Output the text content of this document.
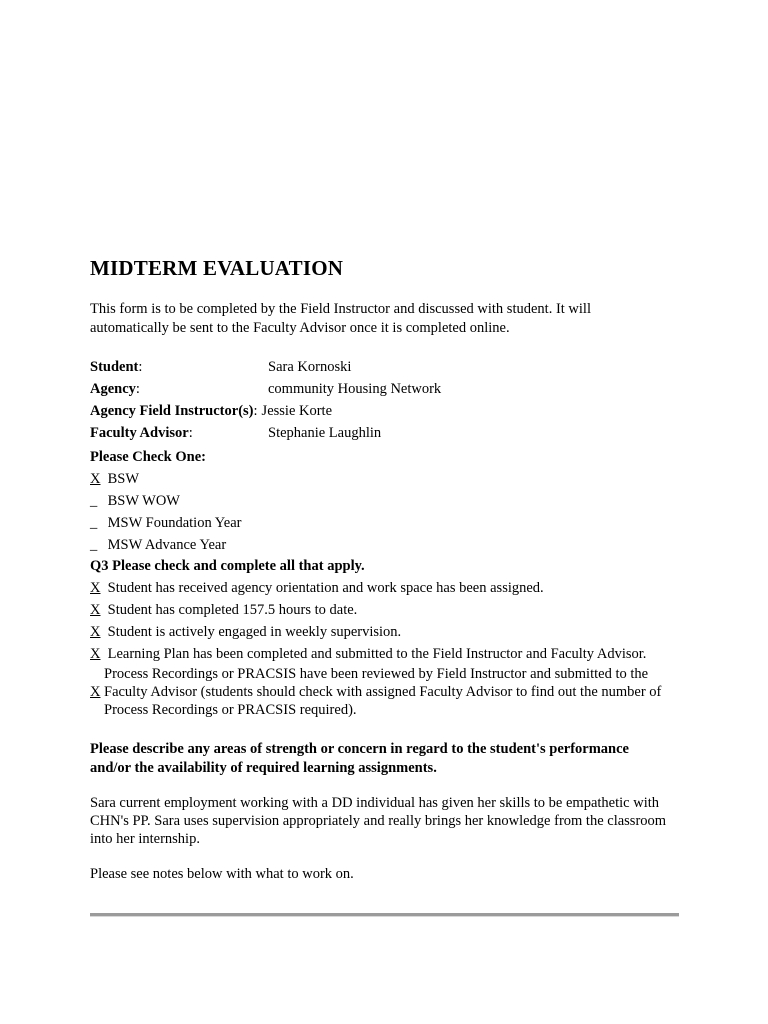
MIDTERM EVALUATION
This form is to be completed by the Field Instructor and discussed with student. It will automatically be sent to the Faculty Advisor once it is completed online.
Student:	Sara Kornoski
Agency:	community Housing Network
Agency Field Instructor(s): Jessie Korte
Faculty Advisor:	Stephanie Laughlin
Please Check One:
X BSW
_ BSW WOW
_ MSW Foundation Year
_ MSW Advance Year
Q3 Please check and complete all that apply.
X Student has received agency orientation and work space has been assigned.
X Student has completed 157.5 hours to date.
X Student is actively engaged in weekly supervision.
X Learning Plan has been completed and submitted to the Field Instructor and Faculty Advisor.
X
Process Recordings or PRACSIS have been reviewed by Field Instructor and submitted to the Faculty Advisor (students should check with assigned Faculty Advisor to find out the number of Process Recordings or PRACSIS required).
Please describe any areas of strength or concern in regard to the student's performance and/or the availability of required learning assignments.
Sara current employment working with a DD individual has given her skills to be empathetic with CHN's PP. Sara uses supervision appropriately and really brings her knowledge from the classroom into her internship.
Please see notes below with what to work on.
